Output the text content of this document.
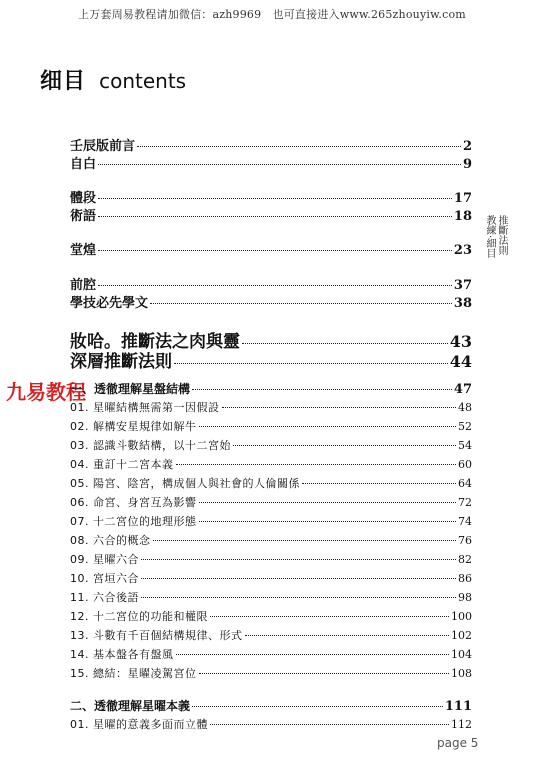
上万套周易教程请加微信：azh9969　也可直接进入www.265zhouyiw.com
细目 contents
推斷法則
教練‧細目
九易教程
壬辰版前言	2
自白	9
體段	17
術語	18
堂煌	23
前腔	37
學技必先學文	38
妝哈。推斷法之肉與靈	43
深層推斷法則	44
一、透徹理解星盤結構	47
01. 星曜結構無需第一因假設	48
02. 解構安星規律如解牛	52
03. 認識斗數結構，以十二宮始	54
04. 重訂十二宮本義	60
05. 陽宮、陰宮，構成個人與社會的人倫關係	64
06. 命宮、身宮互為影響	72
07. 十二宮位的地理形態	74
08. 六合的概念	76
09. 星曜六合	82
10. 宮垣六合	86
11. 六合後語	98
12. 十二宮位的功能和權限	100
13. 斗數有千百個結構規律、形式	102
14. 基本盤各有盤風	104
15. 總結：星曜凌駕宮位	108
二、透徹理解星曜本義	111
01. 星曜的意義多面而立體	112
page 5
